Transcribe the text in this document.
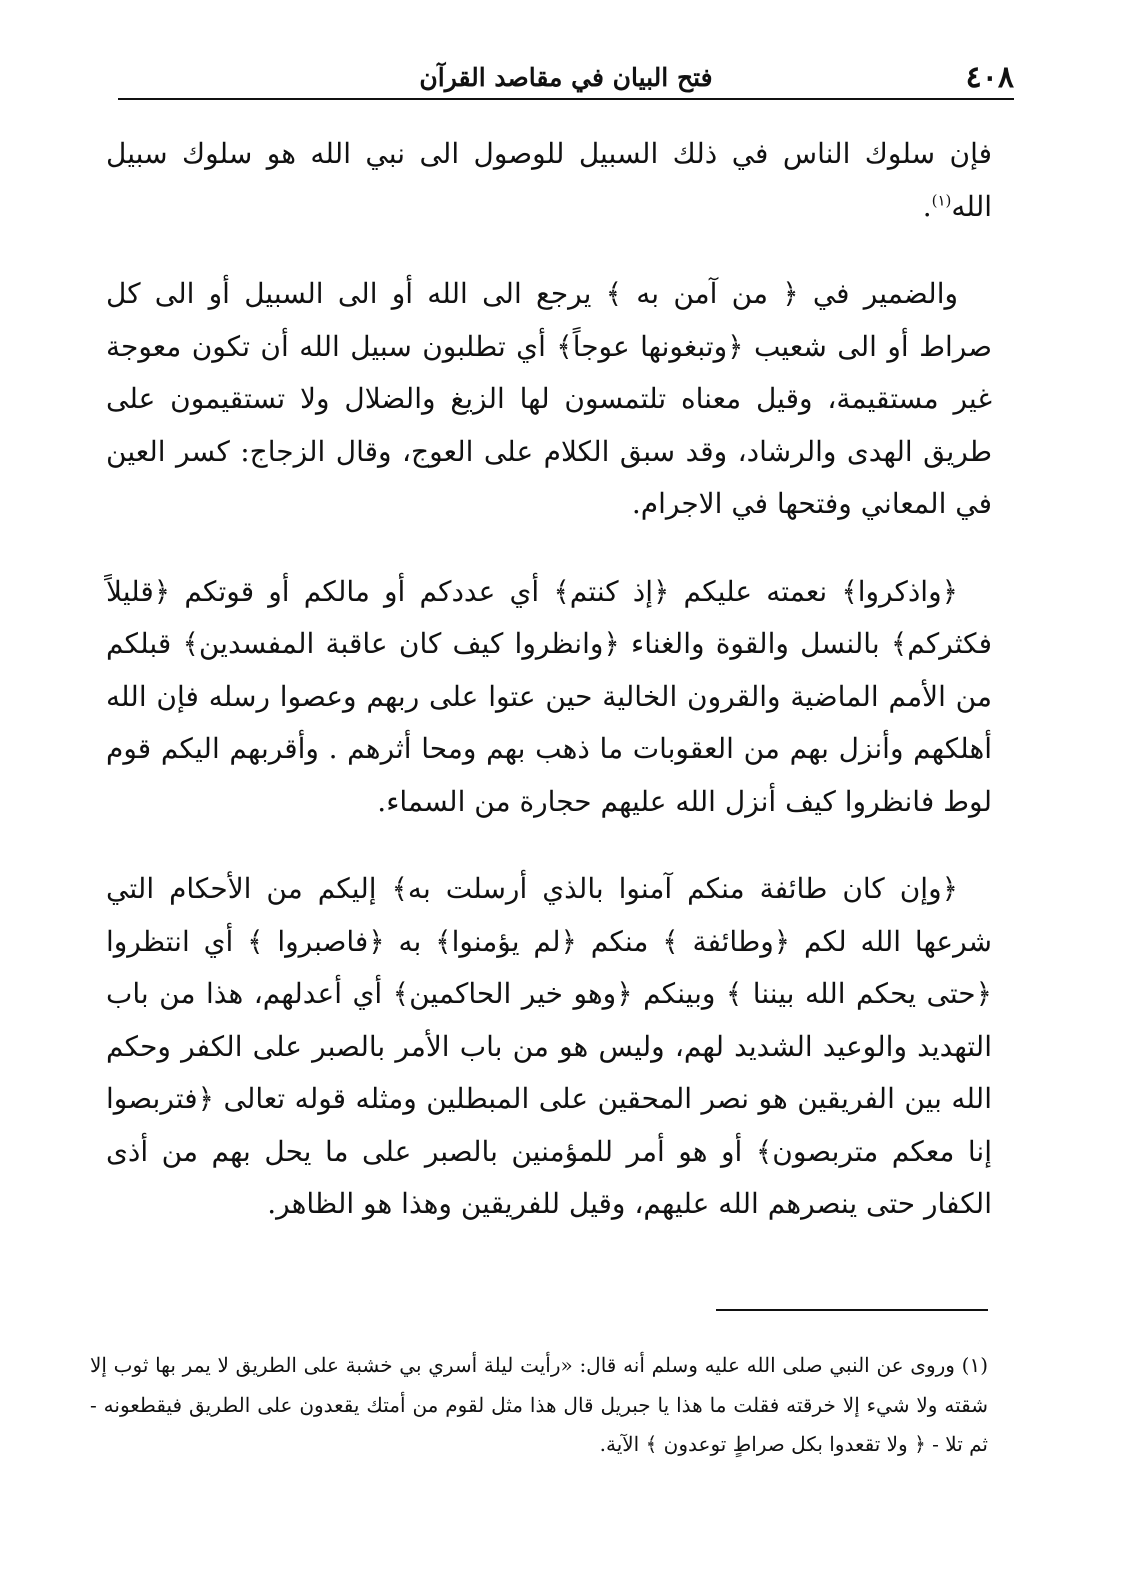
٤٠٨
فتح البيان في مقاصد القرآن

فإن سلوك الناس في ذلك السبيل للوصول الى نبي الله هو سلوك سبيل الله$^{(١)}$.

والضمير في ﴿ من آمن به ﴾ يرجع الى الله أو الى السبيل أو الى كل صراط أو الى شعيب ﴿وتبغونها عوجاً﴾ أي تطلبون سبيل الله أن تكون معوجة غير مستقيمة، وقيل معناه تلتمسون لها الزيغ والضلال ولا تستقيمون على طريق الهدى والرشاد، وقد سبق الكلام على العوج، وقال الزجاج: كسر العين في المعاني وفتحها في الاجرام.

﴿واذكروا﴾ نعمته عليكم ﴿إذ كنتم﴾ أي عددكم أو مالكم أو قوتكم ﴿قليلاً فكثركم﴾ بالنسل والقوة والغناء ﴿وانظروا كيف كان عاقبة المفسدين﴾ قبلكم من الأمم الماضية والقرون الخالية حين عتوا على ربهم وعصوا رسله فإن الله أهلكهم وأنزل بهم من العقوبات ما ذهب بهم ومحا أثرهم . وأقربهم اليكم قوم لوط فانظروا كيف أنزل الله عليهم حجارة من السماء.

﴿وإن كان طائفة منكم آمنوا بالذي أرسلت به﴾ إليكم من الأحكام التي شرعها الله لكم ﴿وطائفة ﴾ منكم ﴿لم يؤمنوا﴾ به ﴿فاصبروا ﴾ أي انتظروا ﴿حتى يحكم الله بيننا ﴾ وبينكم ﴿وهو خير الحاكمين﴾ أي أعدلهم، هذا من باب التهديد والوعيد الشديد لهم، وليس هو من باب الأمر بالصبر على الكفر وحكم الله بين الفريقين هو نصر المحقين على المبطلين ومثله قوله تعالى ﴿فتربصوا إنا معكم متربصون﴾ أو هو أمر للمؤمنين بالصبر على ما يحل بهم من أذى الكفار حتى ينصرهم الله عليهم، وقيل للفريقين وهذا هو الظاهر.

(١) وروى عن النبي صلى الله عليه وسلم أنه قال: «رأيت ليلة أسري بي خشبة على الطريق لا يمر بها ثوب إلا شقته ولا شيء إلا خرقته فقلت ما هذا يا جبريل قال هذا مثل لقوم من أمتك يقعدون على الطريق فيقطعونه - ثم تلا - ﴿ ولا تقعدوا بكل صراطٍ توعدون ﴾ الآية.
